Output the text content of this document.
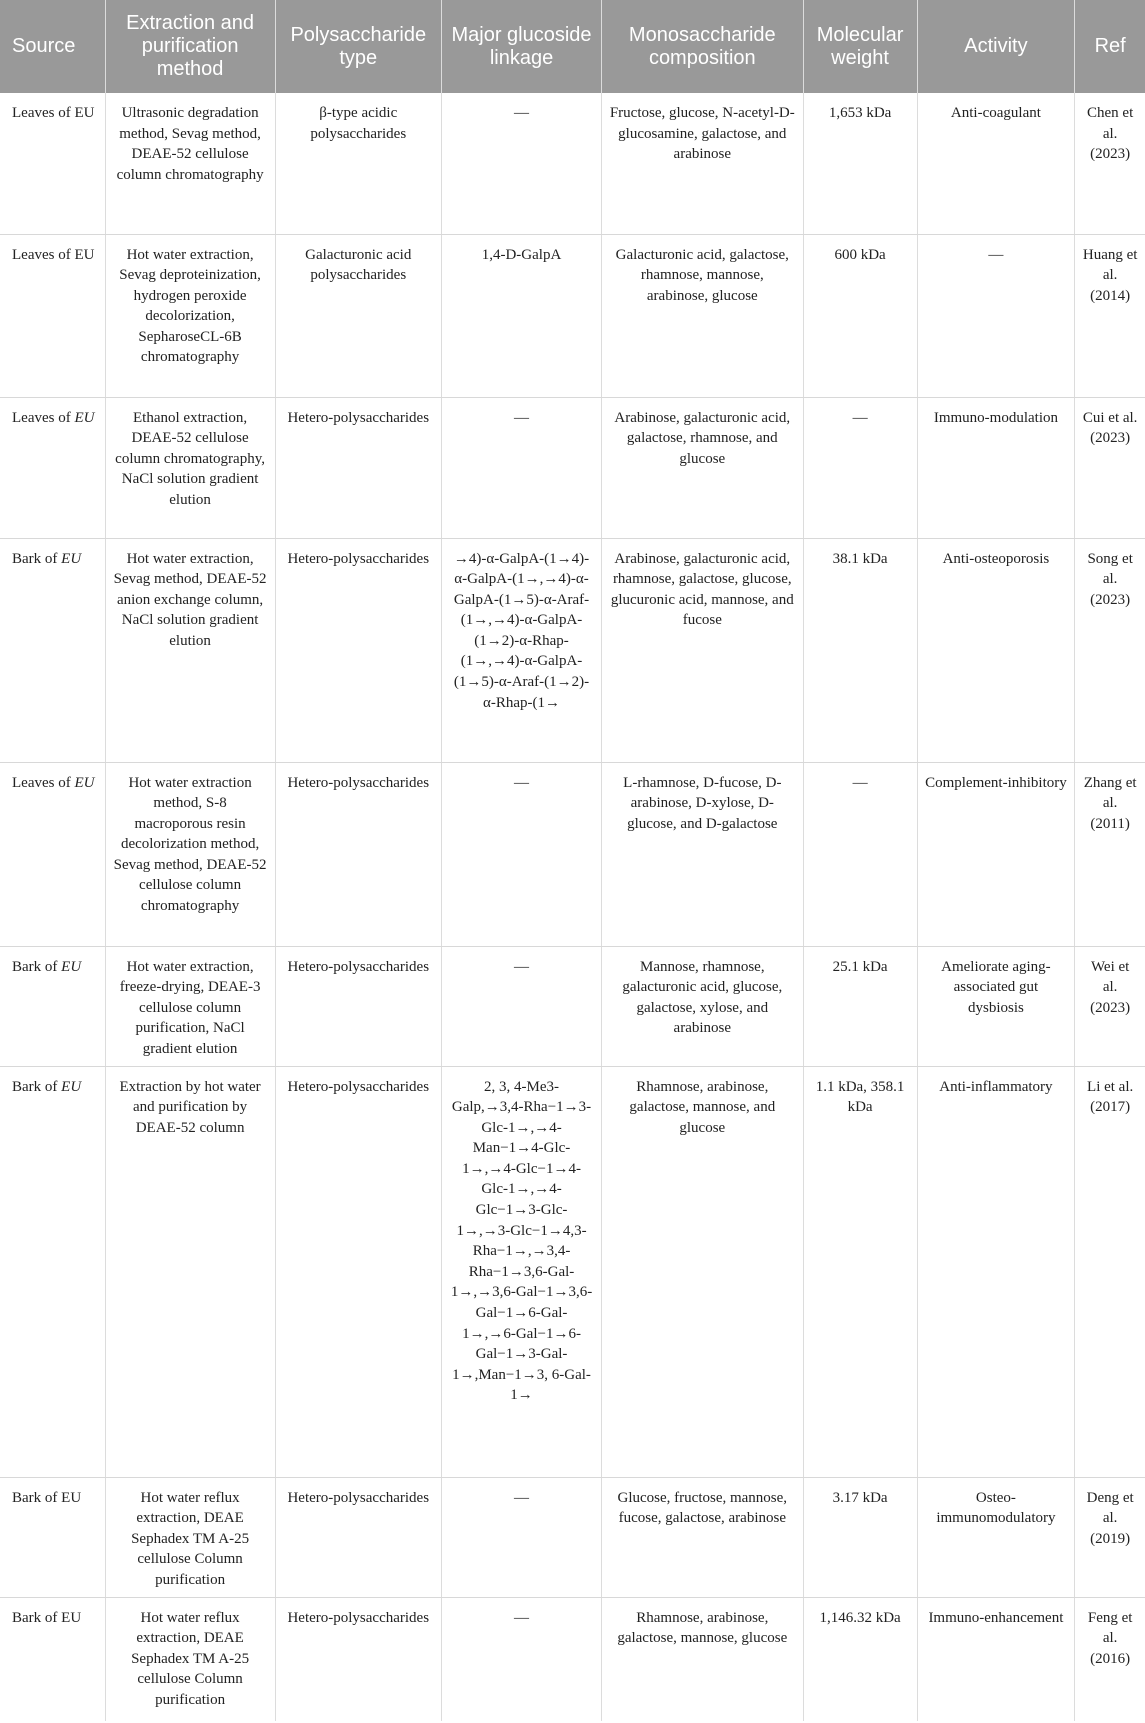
Source	Extraction and purification method	Polysaccharide type	Major glucoside linkage	Monosaccharide composition	Molecular weight	Activity	Ref
Leaves of EU	Ultrasonic degradation method, Sevag method, DEAE-52 cellulose column chromatography	β-type acidic polysaccharides	—	Fructose, glucose, N-acetyl-D-glucosamine, galactose, and arabinose	1,653 kDa	Anti-coagulant	Chen et al. (2023)
Leaves of EU	Hot water extraction, Sevag deproteinization, hydrogen peroxide decolorization, SepharoseCL-6B chromatography	Galacturonic acid polysaccharides	1,4-D-GalpA	Galacturonic acid, galactose, rhamnose, mannose, arabinose, glucose	600 kDa	—	Huang et al. (2014)
Leaves of EU	Ethanol extraction, DEAE-52 cellulose column chromatography, NaCl solution gradient elution	Hetero-polysaccharides	—	Arabinose, galacturonic acid, galactose, rhamnose, and glucose	—	Immuno-modulation	Cui et al. (2023)
Bark of EU	Hot water extraction, Sevag method, DEAE-52 anion exchange column, NaCl solution gradient elution	Hetero-polysaccharides	→4)-α-GalpA-(1→4)-α-GalpA-(1→,→4)-α-GalpA-(1→5)-α-Araf-(1→,→4)-α-GalpA-(1→2)-α-Rhap-(1→,→4)-α-GalpA-(1→5)-α-Araf-(1→2)-α-Rhap-(1→	Arabinose, galacturonic acid, rhamnose, galactose, glucose, glucuronic acid, mannose, and fucose	38.1 kDa	Anti-osteoporosis	Song et al. (2023)
Leaves of EU	Hot water extraction method, S-8 macroporous resin decolorization method, Sevag method, DEAE-52 cellulose column chromatography	Hetero-polysaccharides	—	L-rhamnose, D-fucose, D-arabinose, D-xylose, D-glucose, and D-galactose	—	Complement-inhibitory	Zhang et al. (2011)
Bark of EU	Hot water extraction, freeze-drying, DEAE-3 cellulose column purification, NaCl gradient elution	Hetero-polysaccharides	—	Mannose, rhamnose, galacturonic acid, glucose, galactose, xylose, and arabinose	25.1 kDa	Ameliorate aging-associated gut dysbiosis	Wei et al. (2023)
Bark of EU	Extraction by hot water and purification by DEAE-52 column	Hetero-polysaccharides	2, 3, 4-Me3-Galp,→3,4-Rha−1→3-Glc-1→,→4-Man−1→4-Glc-1→,→4-Glc−1→4-Glc-1→,→4-Glc−1→3-Glc-1→,→3-Glc−1→4,3-Rha−1→,→3,4-Rha−1→3,6-Gal-1→,→3,6-Gal−1→3,6-Gal−1→6-Gal-1→,→6-Gal−1→6-Gal−1→3-Gal-1→,Man−1→3, 6-Gal-1→	Rhamnose, arabinose, galactose, mannose, and glucose	1.1 kDa, 358.1 kDa	Anti-inflammatory	Li et al. (2017)
Bark of EU	Hot water reflux extraction, DEAE Sephadex TM A-25 cellulose Column purification	Hetero-polysaccharides	—	Glucose, fructose, mannose, fucose, galactose, arabinose	3.17 kDa	Osteo-immunomodulatory	Deng et al. (2019)
Bark of EU	Hot water reflux extraction, DEAE Sephadex TM A-25 cellulose Column purification	Hetero-polysaccharides	—	Rhamnose, arabinose, galactose, mannose, glucose	1,146.32 kDa	Immuno-enhancement	Feng et al. (2016)
